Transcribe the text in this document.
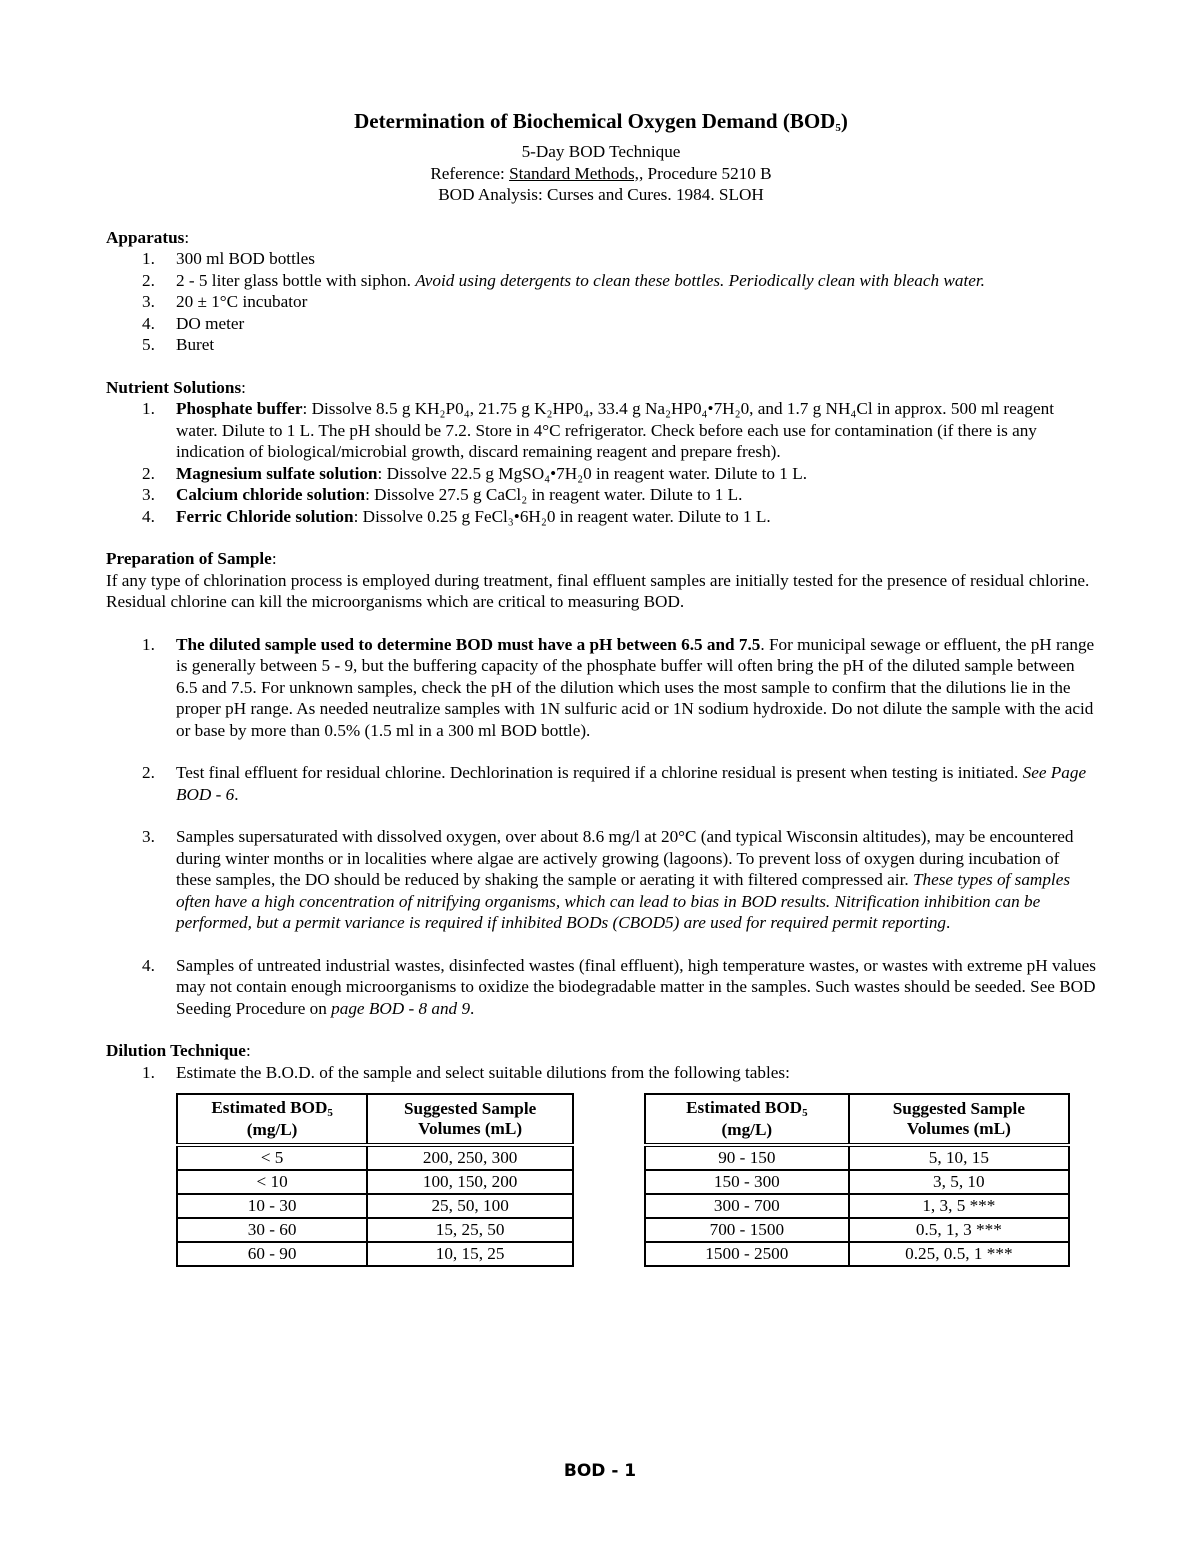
Determination of Biochemical Oxygen Demand $(BOD_5)$

5-Day BOD Technique

Reference: Standard Methods,, Procedure 5210 B

BOD Analysis: Curses and Cures. 1984. SLOH

Apparatus:

1. 300 ml BOD bottles
2. 2 - 5 liter glass bottle with siphon. Avoid using detergents to clean these bottles. Periodically clean with bleach water.
3. 20 ± 1°C incubator
4. DO meter
5. Buret

Nutrient Solutions:

1. Phosphate buffer: Dissolve 8.5 g KH₂P0₄, 21.75 g K₂HP0₄, 33.4 g Na₂HP0₄•7H₂0, and 1.7 g NH₄Cl in approx. 500 ml reagent water. Dilute to 1 L. The pH should be 7.2. Store in 4°C refrigerator. Check before each use for contamination (if there is any indication of biological/microbial growth, discard remaining reagent and prepare fresh).
2. Magnesium sulfate solution: Dissolve 22.5 g MgSO₄•7H₂0 in reagent water. Dilute to 1 L.
3. Calcium chloride solution: Dissolve 27.5 g CaCl₂ in reagent water. Dilute to 1 L.
4. Ferric Chloride solution: Dissolve 0.25 g FeCl₃•6H₂0 in reagent water. Dilute to 1 L.

Preparation of Sample:

If any type of chlorination process is employed during treatment, final effluent samples are initially tested for the presence of residual chlorine. Residual chlorine can kill the microorganisms which are critical to measuring BOD.

1. The diluted sample used to determine BOD must have a pH between 6.5 and 7.5. For municipal sewage or effluent, the pH range is generally between 5 - 9, but the buffering capacity of the phosphate buffer will often bring the pH of the diluted sample between 6.5 and 7.5. For unknown samples, check the pH of the dilution which uses the most sample to confirm that the dilutions lie in the proper pH range. As needed neutralize samples with 1N sulfuric acid or 1N sodium hydroxide. Do not dilute the sample with the acid or base by more than 0.5% (1.5 ml in a 300 ml BOD bottle).
2. Test final effluent for residual chlorine. Dechlorination is required if a chlorine residual is present when testing is initiated. See Page BOD - 6.
3. Samples supersaturated with dissolved oxygen, over about 8.6 mg/l at 20°C (and typical Wisconsin altitudes), may be encountered during winter months or in localities where algae are actively growing (lagoons). To prevent loss of oxygen during incubation of these samples, the DO should be reduced by shaking the sample or aerating it with filtered compressed air. These types of samples often have a high concentration of nitrifying organisms, which can lead to bias in BOD results. Nitrification inhibition can be performed, but a permit variance is required if inhibited BODs (CBOD5) are used for required permit reporting.
4. Samples of untreated industrial wastes, disinfected wastes (final effluent), high temperature wastes, or wastes with extreme pH values may not contain enough microorganisms to oxidize the biodegradable matter in the samples. Such wastes should be seeded. See BOD Seeding Procedure on page BOD - 8 and 9.

Dilution Technique:

1. Estimate the B.O.D. of the sample and select suitable dilutions from the following tables:
Estimated $BOD_5$
(mg/L)	Suggested Sample
Volumes (mL)
< 5	200, 250, 300
< 10	100, 150, 200
10 - 30	25, 50, 100
30 - 60	15, 25, 50
60 - 90	10, 15, 25
Estimated $BOD_5$
(mg/L)	Suggested Sample
Volumes (mL)
90 - 150	5, 10, 15
150 - 300	3, 5, 10
300 - 700	1, 3, 5 ***
700 - 1500	0.5, 1, 3 ***
1500 - 2500	0.25, 0.5, 1 ***
BOD - 1
